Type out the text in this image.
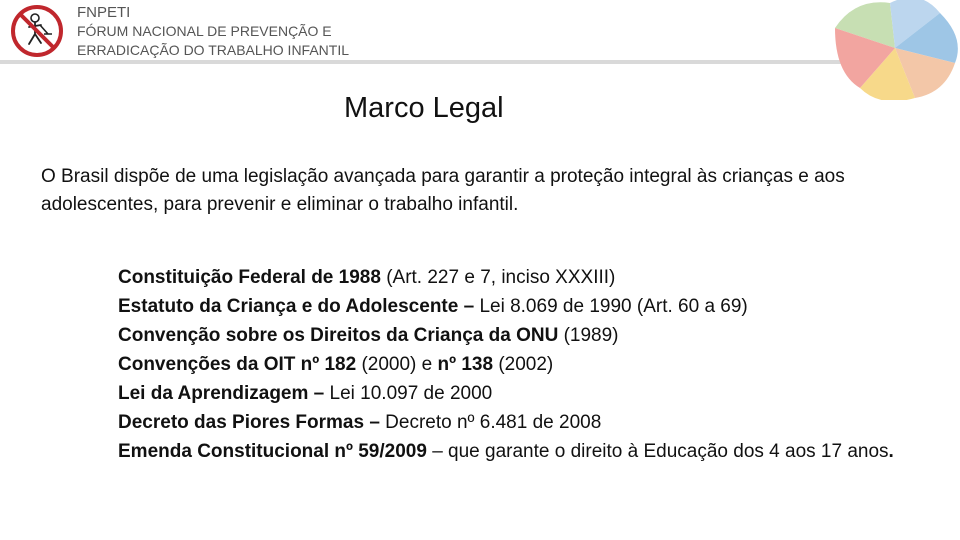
FNPETI
FÓRUM NACIONAL DE PREVENÇÃO E
ERRADICAÇÃO DO TRABALHO INFANTIL
Marco Legal

O Brasil dispõe de uma legislação avançada para garantir a proteção integral às crianças e aos adolescentes, para prevenir e eliminar o trabalho infantil.

Constituição Federal de 1988 (Art. 227 e 7, inciso XXXIII)
Estatuto da Criança e do Adolescente – Lei 8.069 de 1990 (Art. 60 a 69)
Convenção sobre os Direitos da Criança da ONU (1989)
Convenções da OIT nº 182 (2000) e nº 138 (2002)
Lei da Aprendizagem – Lei 10.097 de 2000
Decreto das Piores Formas – Decreto nº 6.481 de 2008
Emenda Constitucional nº 59/2009 – que garante o direito à Educação dos 4 aos 17 anos.
